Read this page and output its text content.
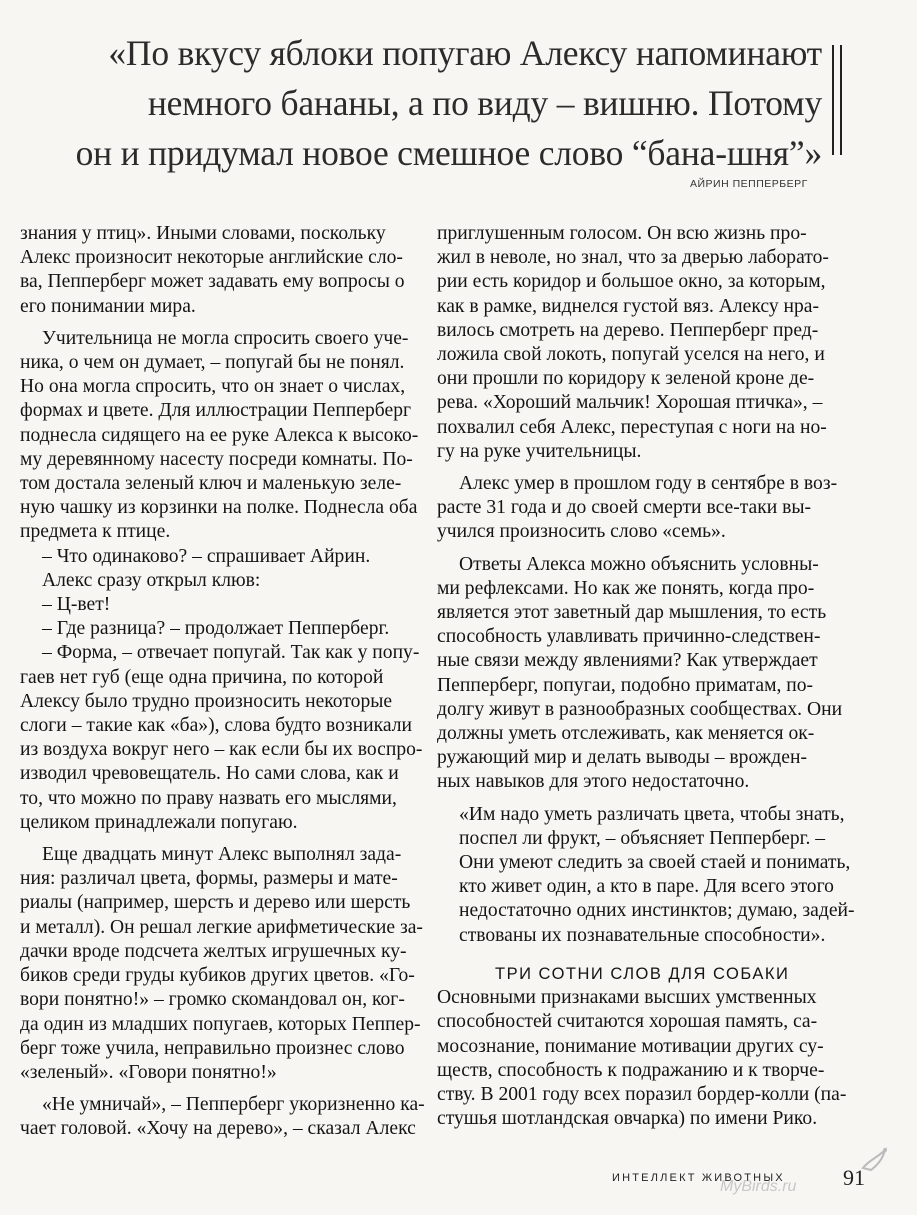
«По вкусу яблоки попугаю Алексу напоминают
немного бананы, а по виду – вишню. Потому
он и придумал новое смешное слово “бана-шня”»
АЙРИН ПЕППЕРБЕРГ
знания у птиц». Иными словами, поскольку
Алекс произносит некоторые английские сло-
ва, Пепперберг может задавать ему вопросы о
его понимании мира.
Учительница не могла спросить своего уче-
ника, о чем он думает, – попугай бы не понял.
Но она могла спросить, что он знает о числах,
формах и цвете. Для иллюстрации Пепперберг
поднесла сидящего на ее руке Алекса к высоко-
му деревянному насесту посреди комнаты. По-
том достала зеленый ключ и маленькую зеле-
ную чашку из корзинки на полке. Поднесла оба
предмета к птице.
– Что одинаково? – спрашивает Айрин.
Алекс сразу открыл клюв:
– Ц-вет!
– Где разница? – продолжает Пепперберг.
– Форма, – отвечает попугай. Так как у попу-
гаев нет губ (еще одна причина, по которой
Алексу было трудно произносить некоторые
слоги – такие как «ба»), слова будто возникали
из воздуха вокруг него – как если бы их воспро-
изводил чревовещатель. Но сами слова, как и
то, что можно по праву назвать его мыслями,
целиком принадлежали попугаю.
Еще двадцать минут Алекс выполнял зада-
ния: различал цвета, формы, размеры и мате-
риалы (например, шерсть и дерево или шерсть
и металл). Он решал легкие арифметические за-
дачки вроде подсчета желтых игрушечных ку-
биков среди груды кубиков других цветов. «Го-
вори понятно!» – громко скомандовал он, ког-
да один из младших попугаев, которых Пеппер-
берг тоже учила, неправильно произнес слово
«зеленый». «Говори понятно!»
«Не умничай», – Пепперберг укоризненно ка-
чает головой. «Хочу на дерево», – сказал Алекс
приглушенным голосом. Он всю жизнь про-
жил в неволе, но знал, что за дверью лаборато-
рии есть коридор и большое окно, за которым,
как в рамке, виднелся густой вяз. Алексу нра-
вилось смотреть на дерево. Пепперберг пред-
ложила свой локоть, попугай уселся на него, и
они прошли по коридору к зеленой кроне де-
рева. «Хороший мальчик! Хорошая птичка», –
похвалил себя Алекс, переступая с ноги на но-
гу на руке учительницы.
Алекс умер в прошлом году в сентябре в воз-
расте 31 года и до своей смерти все-таки вы-
учился произносить слово «семь».
Ответы Алекса можно объяснить условны-
ми рефлексами. Но как же понять, когда про-
является этот заветный дар мышления, то есть
способность улавливать причинно-следствен-
ные связи между явлениями? Как утверждает
Пепперберг, попугаи, подобно приматам, по-
долгу живут в разнообразных сообществах. Они
должны уметь отслеживать, как меняется ок-
ружающий мир и делать выводы – врожден-
ных навыков для этого недостаточно.
«Им надо уметь различать цвета, чтобы знать,
поспел ли фрукт, – объясняет Пепперберг. –
Они умеют следить за своей стаей и понимать,
кто живет один, а кто в паре. Для всего этого
недостаточно одних инстинктов; думаю, задей-
ствованы их познавательные способности».
ТРИ СОТНИ СЛОВ ДЛЯ СОБАКИ
Основными признаками высших умственных
способностей считаются хорошая память, са-
мосознание, понимание мотивации других су-
ществ, способность к подражанию и к творче-
ству. В 2001 году всех поразил бордер-колли (па-
стушья шотландская овчарка) по имени Рико.
ИНТЕЛЛЕКТ ЖИВОТНЫХ
MyBirds.ru 91
